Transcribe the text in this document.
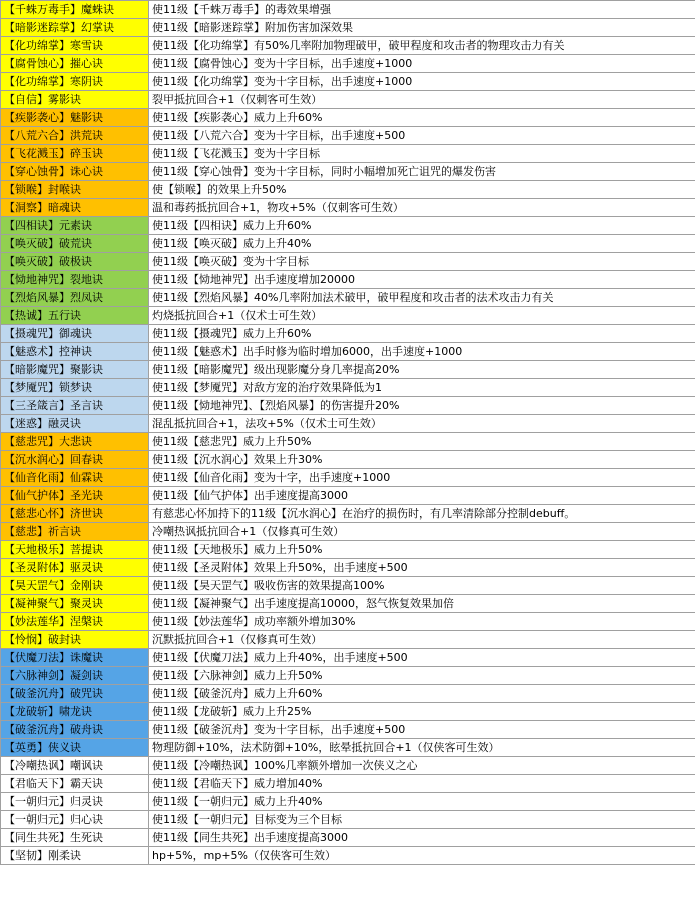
【千蛛万毒手】魔蛛诀	使11级【千蛛万毒手】的毒效果增强
【暗影迷踪掌】幻掌诀	使11级【暗影迷踪掌】附加伤害加深效果
【化功绵掌】寒雪诀	使11级【化功绵掌】有50%几率附加物理破甲，破甲程度和攻击者的物理攻击力有关
【腐骨蚀心】摧心诀	使11级【腐骨蚀心】变为十字目标，出手速度+1000
【化功绵掌】寒阴诀	使11级【化功绵掌】变为十字目标，出手速度+1000
【自信】雾影诀	裂甲抵抗回合+1（仅刺客可生效）
【疾影袭心】魅影诀	使11级【疾影袭心】威力上升60%
【八荒六合】洪荒诀	使11级【八荒六合】变为十字目标，出手速度+500
【飞花溅玉】碎玉诀	使11级【飞花溅玉】变为十字目标
【穿心蚀骨】诛心诀	使11级【穿心蚀骨】变为十字目标，同时小幅增加死亡诅咒的爆发伤害
【锁喉】封喉诀	使【锁喉】的效果上升50%
【洞察】暗魂诀	温和毒药抵抗回合+1，物攻+5%（仅刺客可生效）
【四相诀】元素诀	使11级【四相诀】威力上升60%
【唤灭破】破荒诀	使11级【唤灭破】威力上升40%
【唤灭破】破极诀	使11级【唤灭破】变为十字目标
【恸地神咒】裂地诀	使11级【恸地神咒】出手速度增加20000
【烈焰风暴】烈凤诀	使11级【烈焰风暴】40%几率附加法术破甲，破甲程度和攻击者的法术攻击力有关
【热诚】五行诀	灼烧抵抗回合+1（仅术士可生效）
【摄魂咒】御魂诀	使11级【摄魂咒】威力上升60%
【魅惑术】控神诀	使11级【魅惑术】出手时修为临时增加6000，出手速度+1000
【暗影魔咒】聚影诀	使11级【暗影魔咒】级出现影魔分身几率提高20%
【梦魇咒】锁梦诀	使11级【梦魇咒】对敌方宠的治疗效果降低为1
【三圣箴言】圣言诀	使11级【恸地神咒】、【烈焰风暴】的伤害提升20%
【迷惑】融灵诀	混乱抵抗回合+1，法攻+5%（仅术士可生效）
【慈悲咒】大悲诀	使11级【慈悲咒】威力上升50%
【沉水润心】回春诀	使11级【沉水润心】效果上升30%
【仙音化雨】仙霖诀	使11级【仙音化雨】变为十字，出手速度+1000
【仙气护体】圣光诀	使11级【仙气护体】出手速度提高3000
【慈悲心怀】济世诀	有慈悲心怀加持下的11级【沉水润心】在治疗的损伤时，有几率清除部分控制debuff。
【慈悲】祈言诀	冷嘲热讽抵抗回合+1（仅修真可生效）
【天地极乐】菩提诀	使11级【天地极乐】威力上升50%
【圣灵附体】驱灵诀	使11级【圣灵附体】效果上升50%，出手速度+500
【昊天罡气】金刚诀	使11级【昊天罡气】吸收伤害的效果提高100%
【凝神聚气】聚灵诀	使11级【凝神聚气】出手速度提高10000，怒气恢复效果加倍
【妙法莲华】涅槃诀	使11级【妙法莲华】成功率额外增加30%
【怜悯】破封诀	沉默抵抗回合+1（仅修真可生效）
【伏魔刀法】诛魔诀	使11级【伏魔刀法】威力上升40%，出手速度+500
【六脉神剑】凝剑诀	使11级【六脉神剑】威力上升50%
【破釜沉舟】破咒诀	使11级【破釜沉舟】威力上升60%
【龙破斩】啸龙诀	使11级【龙破斩】威力上升25%
【破釜沉舟】破舟诀	使11级【破釜沉舟】变为十字目标，出手速度+500
【英勇】侠义诀	物理防御+10%，法术防御+10%，眩晕抵抗回合+1（仅侠客可生效）
【冷嘲热讽】嘲讽诀	使11级【冷嘲热讽】100%几率额外增加一次侠义之心
【君临天下】霸天诀	使11级【君临天下】威力增加40%
【一朝归元】归灵诀	使11级【一朝归元】威力上升40%
【一朝归元】归心诀	使11级【一朝归元】目标变为三个目标
【同生共死】生死诀	使11级【同生共死】出手速度提高3000
【坚韧】刚柔诀	hp+5%，mp+5%（仅侠客可生效）
